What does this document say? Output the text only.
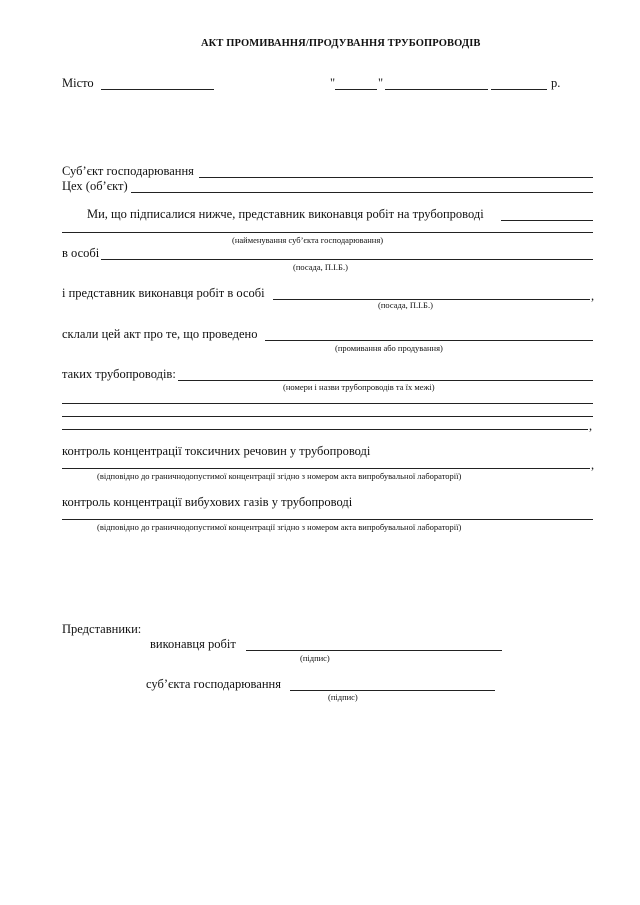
АКТ ПРОМИВАННЯ/ПРОДУВАННЯ ТРУБОПРОВОДІВ
Місто	"	"	р.
Суб’єкт господарювання
Цех (об’єкт)
Ми, що підписалися нижче, представник виконавця робіт на трубопроводі
(найменування суб’єкта господарювання)
в особі
(посада, П.І.Б.)
і представник виконавця робіт в особі	,
(посада, П.І.Б.)
склали цей акт про те, що проведено
(промивання або продування)
таких трубопроводів:
(номери і назви трубопроводів та їх межі)
,
контроль концентрації токсичних речовин у трубопроводі
,
(відповідно до граничнодопустимої концентрації згідно з номером акта випробувальної лабораторії)
контроль концентрації вибухових газів у трубопроводі
(відповідно до граничнодопустимої концентрації згідно з номером акта випробувальної лабораторії)
Представники:
виконавця робіт
(підпис)
суб’єкта господарювання
(підпис)
